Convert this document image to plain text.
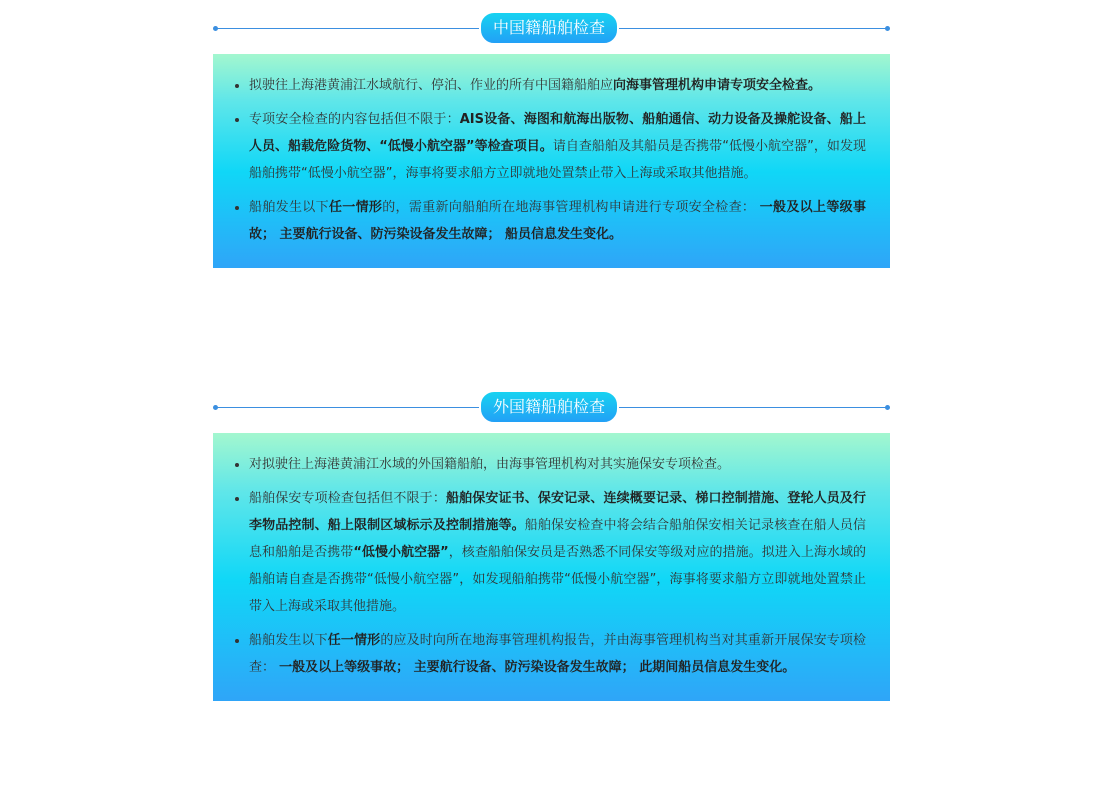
中国籍船舶检查
• 拟驶往上海港黄浦江水域航行、停泊、作业的所有中国籍船舶应向海事管理机构申请专项安全检查。
• 专项安全检查的内容包括但不限于：AIS设备、海图和航海出版物、船舶通信、动力设备及操舵设备、船上人员、船载危险货物、“低慢小航空器”等检查项目。请自查船舶及其船员是否携带“低慢小航空器”，如发现船舶携带“低慢小航空器”，海事将要求船方立即就地处置禁止带入上海或采取其他措施。
• 船舶发生以下任一情形的，需重新向船舶所在地海事管理机构申请进行专项安全检查： 一般及以上等级事故； 主要航行设备、防污染设备发生故障； 船员信息发生变化。
外国籍船舶检查
• 对拟驶往上海港黄浦江水域的外国籍船舶，由海事管理机构对其实施保安专项检查。
• 船舶保安专项检查包括但不限于：船舶保安证书、保安记录、连续概要记录、梯口控制措施、登轮人员及行李物品控制、船上限制区域标示及控制措施等。船舶保安检查中将会结合船舶保安相关记录核查在船人员信息和船舶是否携带“低慢小航空器”，核查船舶保安员是否熟悉不同保安等级对应的措施。拟进入上海水域的船舶请自查是否携带“低慢小航空器”，如发现船舶携带“低慢小航空器”，海事将要求船方立即就地处置禁止带入上海或采取其他措施。
• 船舶发生以下任一情形的应及时向所在地海事管理机构报告，并由海事管理机构当对其重新开展保安专项检查： 一般及以上等级事故； 主要航行设备、防污染设备发生故障； 此期间船员信息发生变化。
